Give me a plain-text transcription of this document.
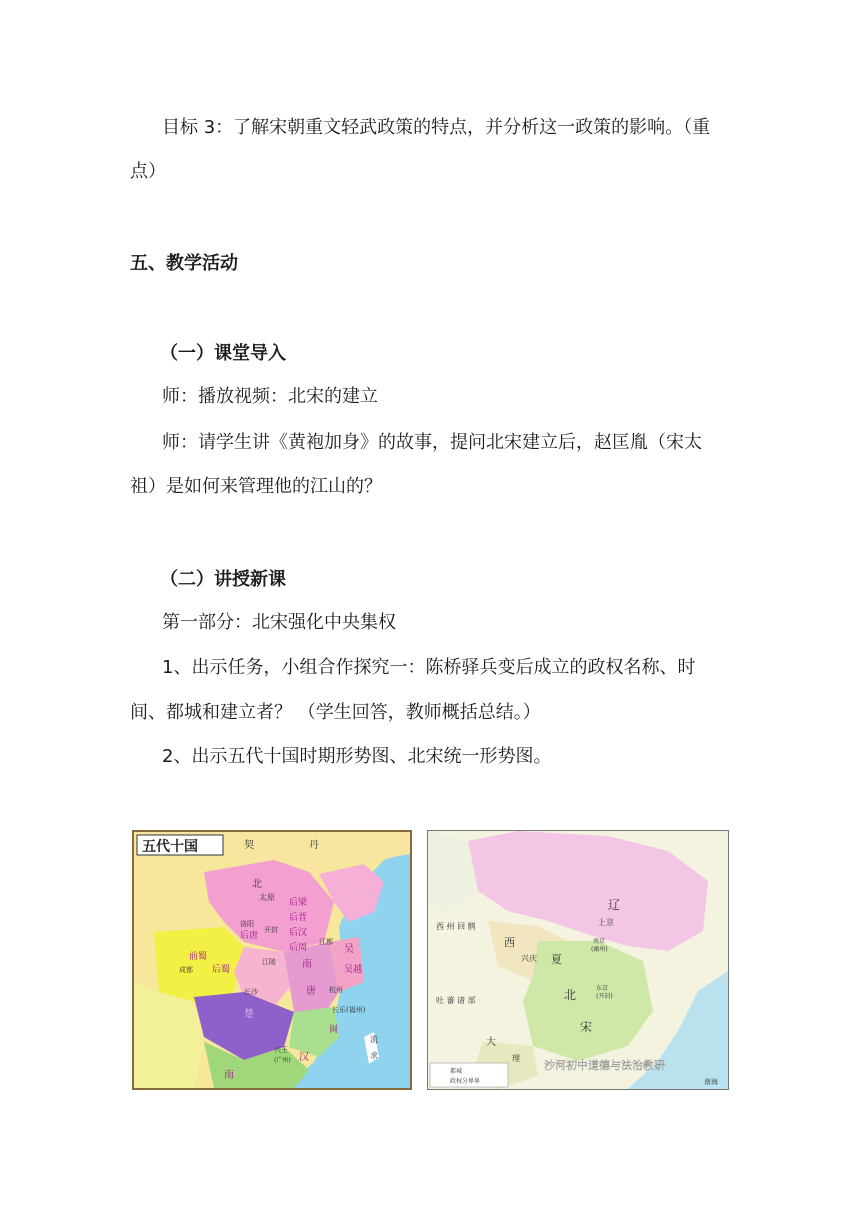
目标 3：了解宋朝重文轻武政策的特点，并分析这一政策的影响。（重
点）
五、教学活动
（一）课堂导入
师：播放视频：北宋的建立
师：请学生讲《黄袍加身》的故事，提问北宋建立后，赵匡胤（宋太
祖）是如何来管理他的江山的？
（二）讲授新课
第一部分：北宋强化中央集权
1、出示任务，小组合作探究一：陈桥驿兵变后成立的政权名称、时
间、都城和建立者？ （学生回答，教师概括总结。）
2、出示五代十国时期形势图、北宋统一形势图。
五代十国	契	丹
北
太原
后梁
后晋
后唐	后汉
后周
洛阳
开封
江都
吴
前蜀
后蜀
成都
江陵	南
唐
吴越
杭州
长沙
楚
闽
长乐(福州)
兴王
(广州) 汉
南
流
求
辽
上京
南京
(幽州)
西 州 回 鹘
西
兴庆 夏
东京
(开封)
北
宋
吐 蕃 诸 部
大
理
都城
政权分界界
沙河初中道德与法治教研
南海
